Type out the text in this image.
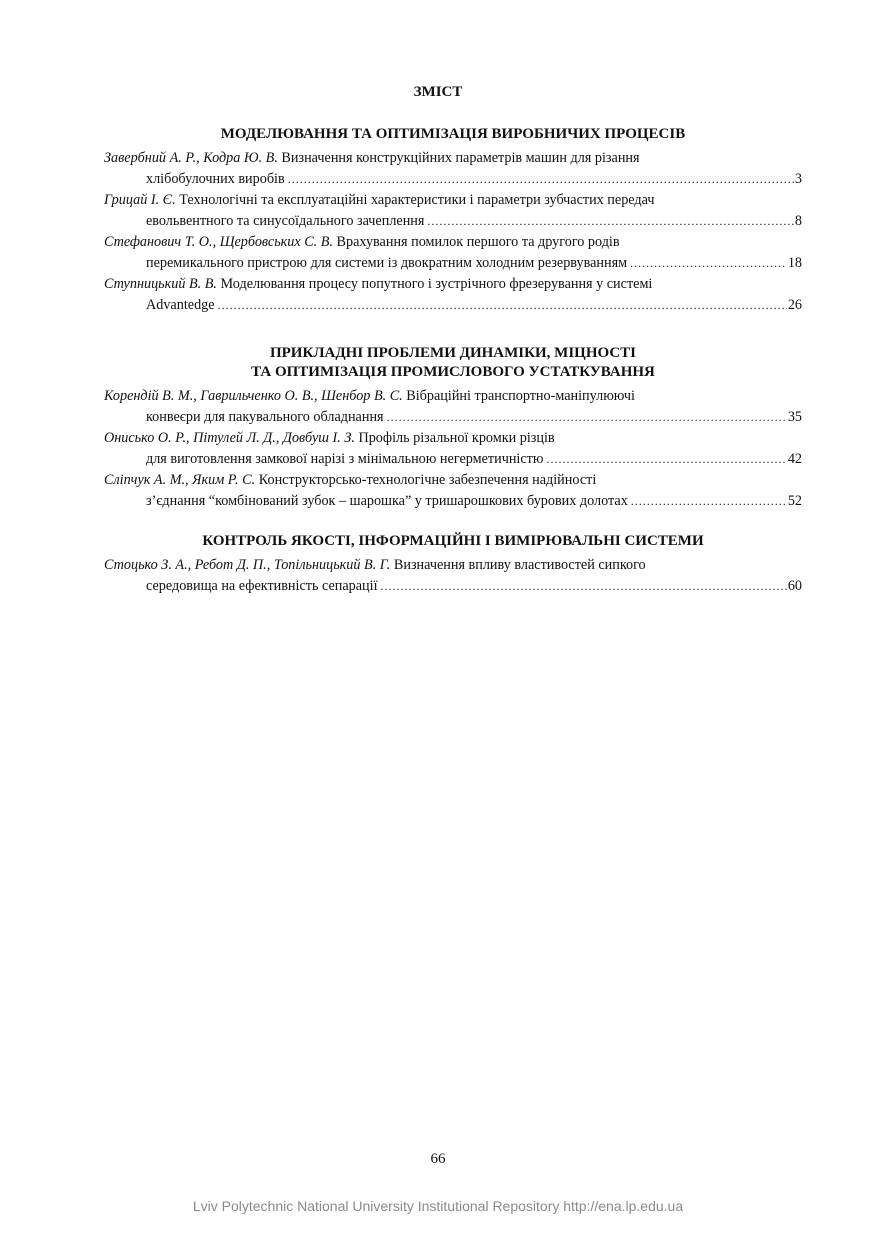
ЗМІСТ
МОДЕЛЮВАННЯ ТА ОПТИМІЗАЦІЯ ВИРОБНИЧИХ ПРОЦЕСІВ
Завербний А. Р., Кодра Ю. В. Визначення конструкційних параметрів машин для різання
хлібобулочних виробів .....	3
Грицай І. Є. Технологічні та експлуатаційні характеристики і параметри зубчастих передач
евольвентного та синусоїдального зачеплення .....	8
Стефанович Т. О., Щербовських С. В. Врахування помилок першого та другого родів
перемикального пристрою для системи із двократним холодним резервуванням .....	18
Ступницький В. В. Моделювання процесу попутного і зустрічного фрезерування у системі
Advantedge .....	26
ПРИКЛАДНІ ПРОБЛЕМИ ДИНАМІКИ, МІЦНОСТІ
ТА ОПТИМІЗАЦІЯ ПРОМИСЛОВОГО УСТАТКУВАННЯ
Корендій В. М., Гаврильченко О. В., Шенбор В. С. Вібраційні транспортно-маніпулюючі
конвеєри для пакувального обладнання .....	35
Онисько О. Р., Пітулей Л. Д., Довбуш І. З. Профіль різальної кромки різців
для виготовлення замкової нарізі з мінімальною негерметичністю .....	42
Сліпчук А. М., Яким Р. С. Конструкторсько-технологічне забезпечення надійності
з’єднання “комбінований зубок – шарошка” у тришарошкових бурових долотах .....	52
КОНТРОЛЬ ЯКОСТІ, ІНФОРМАЦІЙНІ І ВИМІРЮВАЛЬНІ СИСТЕМИ
Стоцько З. А., Ребот Д. П., Топільницький В. Г. Визначення впливу властивостей сипкого
середовища на ефективність сепарації .....	60
66
Lviv Polytechnic National University Institutional Repository http://ena.lp.edu.ua
